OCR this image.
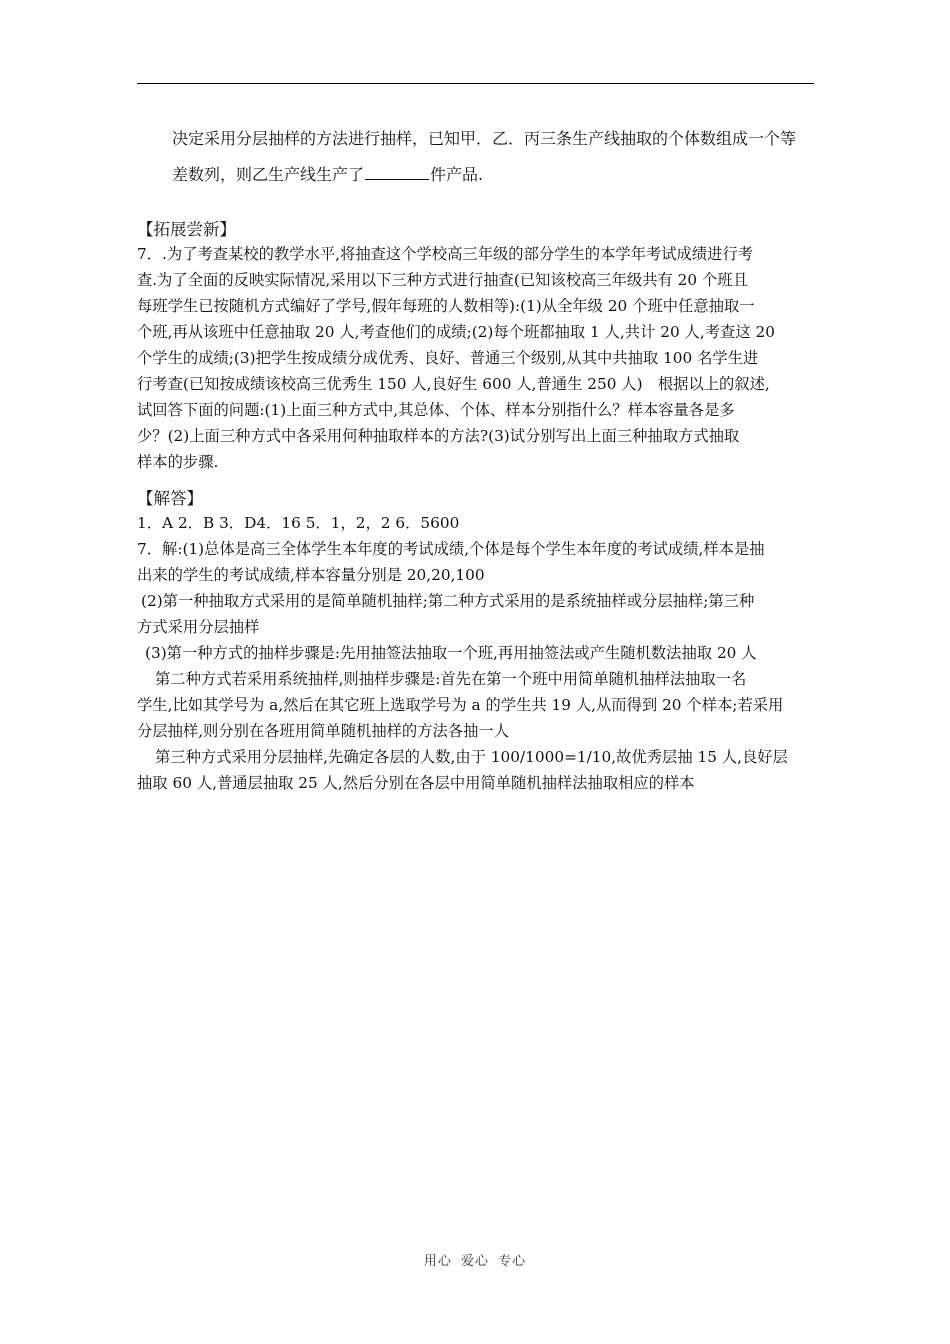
决定采用分层抽样的方法进行抽样，已知甲．乙．丙三条生产线抽取的个体数组成一个等
差数列，则乙生产线生产了	件产品.
【拓展尝新】
7．.为了考查某校的教学水平,将抽查这个学校高三年级的部分学生的本学年考试成绩进行考
查.为了全面的反映实际情况,采用以下三种方式进行抽查(已知该校高三年级共有 20 个班且
每班学生已按随机方式编好了学号,假年每班的人数相等):(1)从全年级 20 个班中任意抽取一
个班,再从该班中任意抽取 20 人,考查他们的成绩;(2)每个班都抽取 1 人,共计 20 人,考查这 20
个学生的成绩;(3)把学生按成绩分成优秀、良好、普通三个级别,从其中共抽取 100 名学生进
行考查(已知按成绩该校高三优秀生 150 人,良好生 600 人,普通生 250 人)　根据以上的叙述,
试回答下面的问题:(1)上面三种方式中,其总体、个体、样本分别指什么？样本容量各是多
少？(2)上面三种方式中各采用何种抽取样本的方法?(3)试分别写出上面三种抽取方式抽取
样本的步骤.
【解答】
1．A 2．B 3．D4．16 5．1，2，2 6．5600
7．解:(1)总体是高三全体学生本年度的考试成绩,个体是每个学生本年度的考试成绩,样本是抽
出来的学生的考试成绩,样本容量分别是 20,20,100
(2)第一种抽取方式采用的是简单随机抽样;第二种方式采用的是系统抽样或分层抽样;第三种
方式采用分层抽样
(3)第一种方式的抽样步骤是:先用抽签法抽取一个班,再用抽签法或产生随机数法抽取 20 人
第二种方式若采用系统抽样,则抽样步骤是:首先在第一个班中用简单随机抽样法抽取一名
学生,比如其学号为 a,然后在其它班上选取学号为 a 的学生共 19 人,从而得到 20 个样本;若采用
分层抽样,则分别在各班用简单随机抽样的方法各抽一人
第三种方式采用分层抽样,先确定各层的人数,由于 100/1000=1/10,故优秀层抽 15 人,良好层
抽取 60 人,普通层抽取 25 人,然后分别在各层中用简单随机抽样法抽取相应的样本
用心 爱心 专心
